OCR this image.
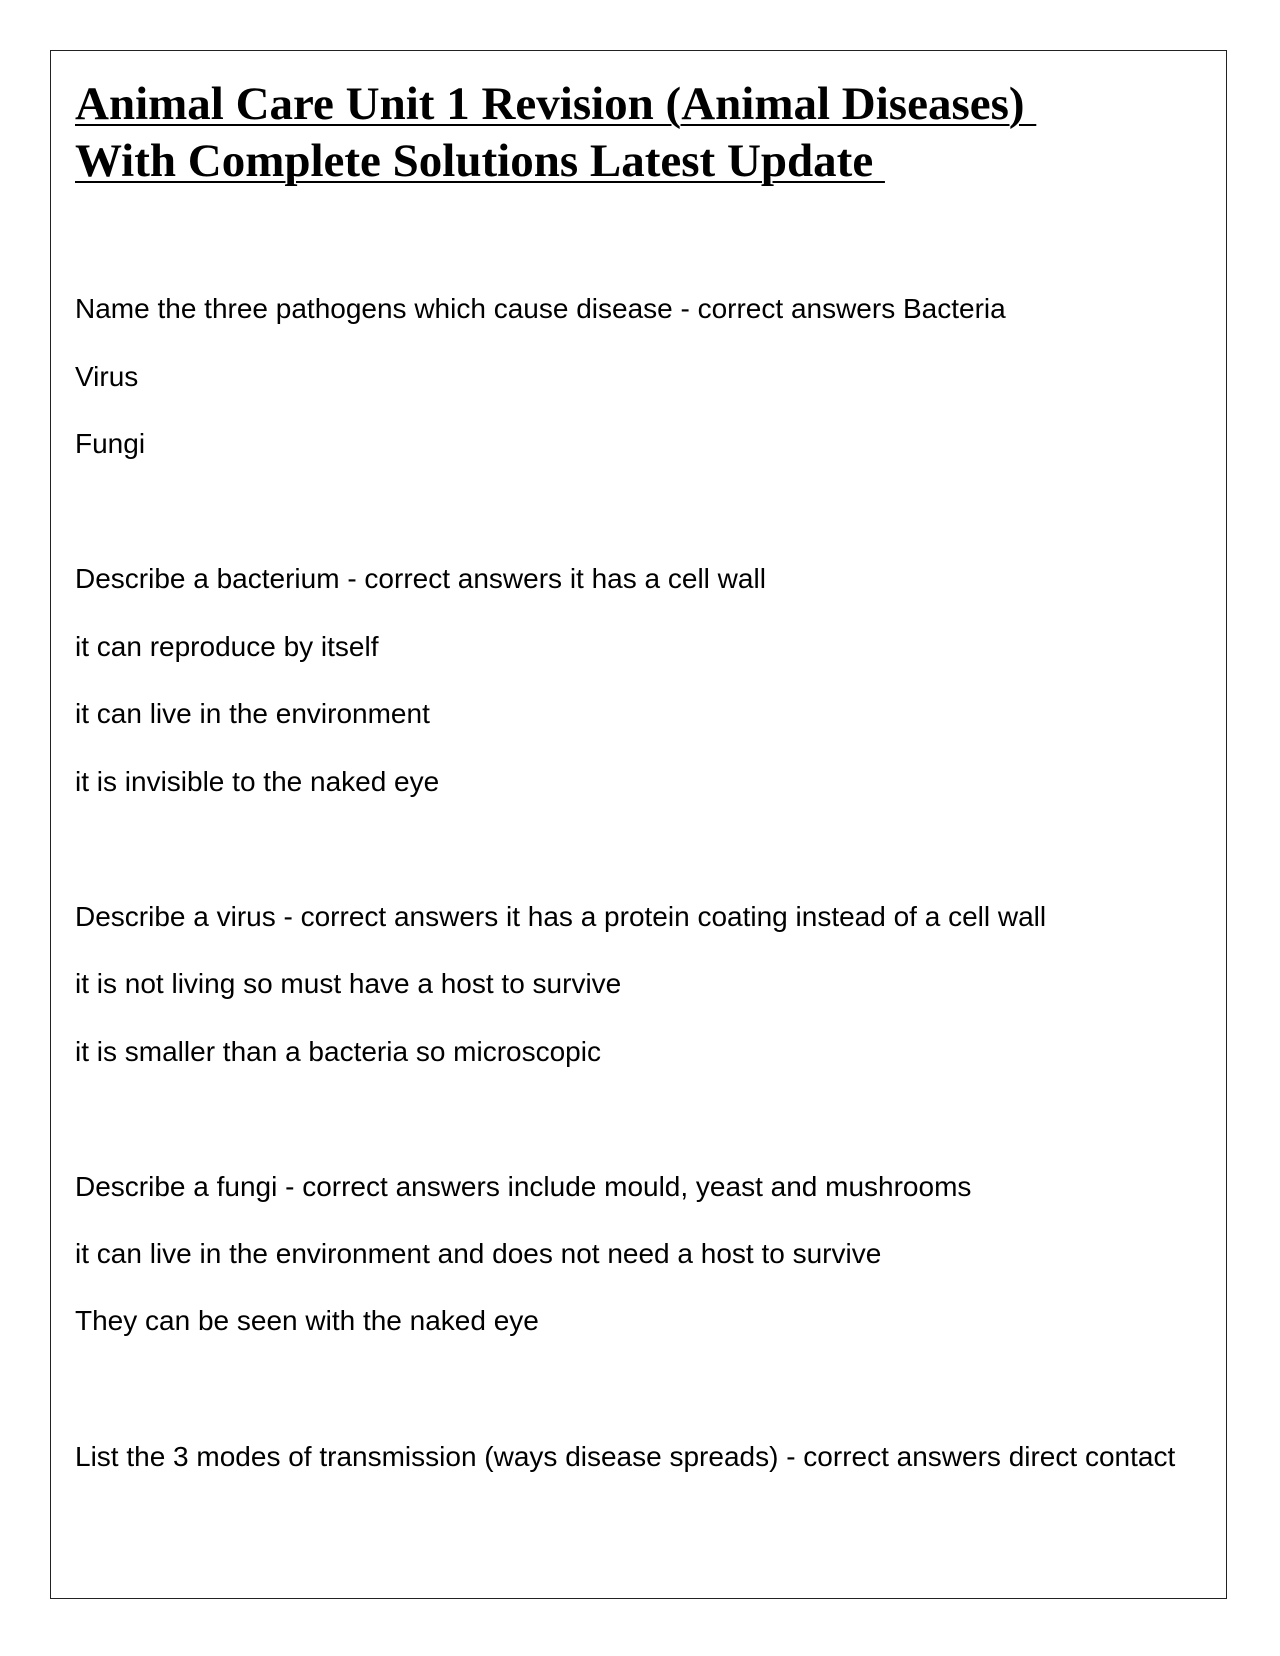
Animal Care Unit 1 Revision (Animal Diseases)
With Complete Solutions Latest Update

Name the three pathogens which cause disease - correct answers Bacteria

Virus

Fungi

Describe a bacterium - correct answers it has a cell wall

it can reproduce by itself

it can live in the environment

it is invisible to the naked eye

Describe a virus - correct answers it has a protein coating instead of a cell wall

it is not living so must have a host to survive

it is smaller than a bacteria so microscopic

Describe a fungi - correct answers include mould, yeast and mushrooms

it can live in the environment and does not need a host to survive

They can be seen with the naked eye

List the 3 modes of transmission (ways disease spreads) - correct answers direct contact
